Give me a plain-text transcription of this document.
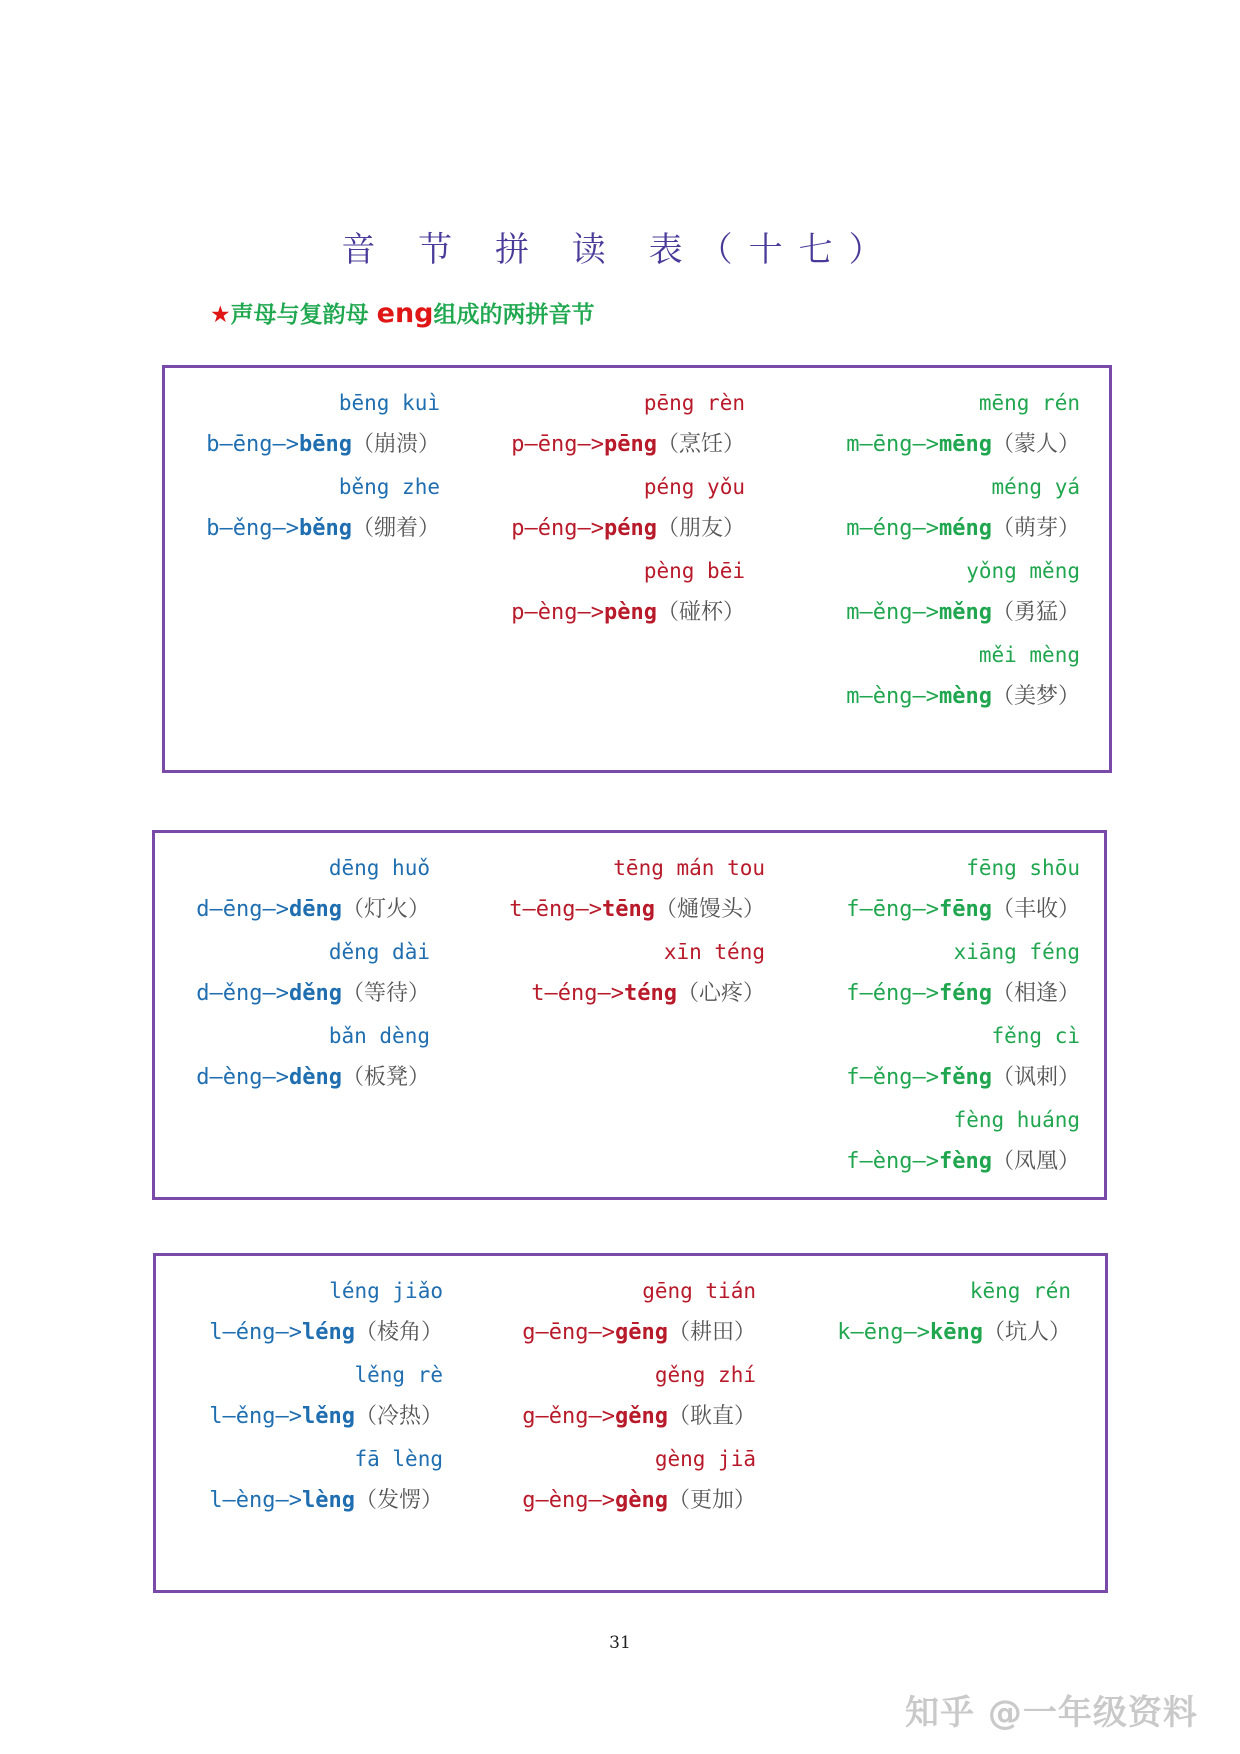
音 节 拼 读 表（十七）
★声母与复韵母 eng组成的两拼音节
bēng kuì
b—ēng—>bēng（崩溃）
běng zhe
b—ěng—>běng（绷着）
pēng rèn
p—ēng—>pēng（烹饪）
péng yǒu
p—éng—>péng（朋友）
pèng bēi
p—èng—>pèng（碰杯）
mēng rén
m—ēng—>mēng（蒙人）
méng yá
m—éng—>méng（萌芽）
yǒng měng
m—ěng—>měng（勇猛）
měi mèng
m—èng—>mèng（美梦）
dēng huǒ
d—ēng—>dēng（灯火）
děng dài
d—ěng—>děng（等待）
bǎn dèng
d—èng—>dèng（板凳）
tēng mán tou
t—ēng—>tēng（熥馒头）
xīn téng
t—éng—>téng（心疼）
fēng shōu
f—ēng—>fēng（丰收）
xiāng féng
f—éng—>féng（相逢）
fěng cì
f—ěng—>fěng（讽刺）
fèng huáng
f—èng—>fèng（凤凰）
léng jiǎo
l—éng—>léng（棱角）
lěng rè
l—ěng—>lěng（冷热）
fā lèng
l—èng—>lèng（发愣）
gēng tián
g—ēng—>gēng（耕田）
gěng zhí
g—ěng—>gěng（耿直）
gèng jiā
g—èng—>gèng（更加）
kēng rén
k—ēng—>kēng（坑人）
31
知乎 @一年级资料
